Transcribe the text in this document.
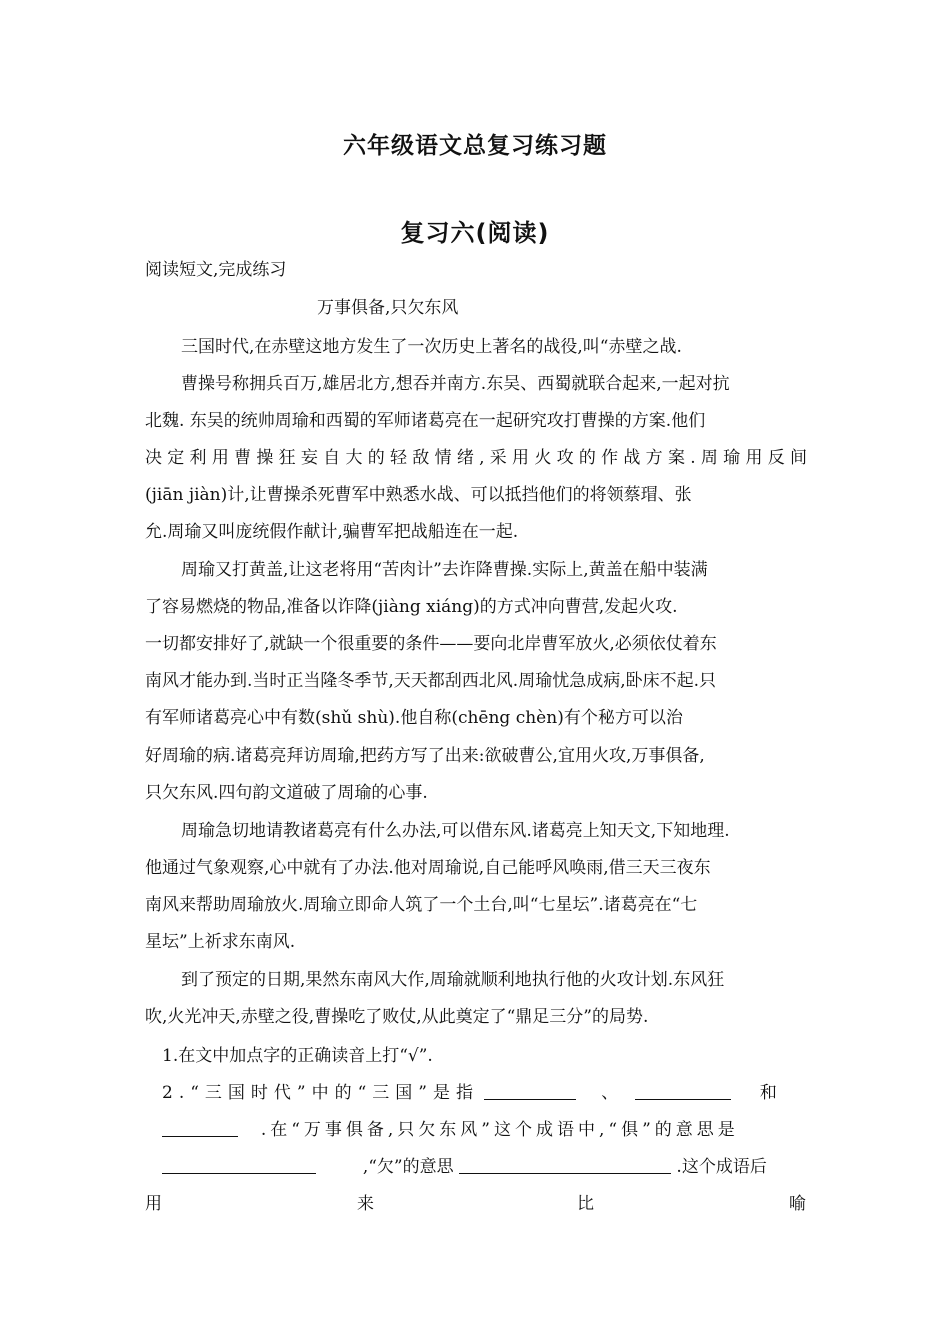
六年级语文总复习练习题
复习六(阅读)
阅读短文,完成练习
万事俱备,只欠东风
三国时代,在赤壁这地方发生了一次历史上著名的战役,叫“赤壁之战.
曹操号称拥兵百万,雄居北方,想吞并南方.东吴、西蜀就联合起来,一起对抗
北魏. 东吴的统帅周瑜和西蜀的军师诸葛亮在一起研究攻打曹操的方案.他们
决定利用曹操狂妄自大的轻敌情绪,采用火攻的作战方案.周瑜用反间
(jiān jiàn)计,让曹操杀死曹军中熟悉水战、可以抵挡他们的将领蔡瑁、张
允.周瑜又叫庞统假作献计,骗曹军把战船连在一起.
周瑜又打黄盖,让这老将用“苦肉计”去诈降曹操.实际上,黄盖在船中装满
了容易燃烧的物品,准备以诈降(jiàng xiáng)的方式冲向曹营,发起火攻.
一切都安排好了,就缺一个很重要的条件——要向北岸曹军放火,必须依仗着东
南风才能办到.当时正当隆冬季节,天天都刮西北风.周瑜忧急成病,卧床不起.只
有军师诸葛亮心中有数(shǔ shù).他自称(chēng chèn)有个秘方可以治
好周瑜的病.诸葛亮拜访周瑜,把药方写了出来:欲破曹公,宜用火攻,万事俱备,
只欠东风.四句韵文道破了周瑜的心事.
周瑜急切地请教诸葛亮有什么办法,可以借东风.诸葛亮上知天文,下知地理.
他通过气象观察,心中就有了办法.他对周瑜说,自己能呼风唤雨,借三天三夜东
南风来帮助周瑜放火.周瑜立即命人筑了一个土台,叫“七星坛”.诸葛亮在“七
星坛”上祈求东南风.
到了预定的日期,果然东南风大作,周瑜就顺利地执行他的火攻计划.东风狂
吹,火光冲天,赤壁之役,曹操吃了败仗,从此奠定了“鼎足三分”的局势.
1.在文中加点字的正确读音上打“√”.
2.“三国时代”中的“三国”是指	、	和
.在“万事俱备,只欠东风”这个成语中,“俱”的意思是
,“欠”的意思	.这个成语后
用	来	比	喻
